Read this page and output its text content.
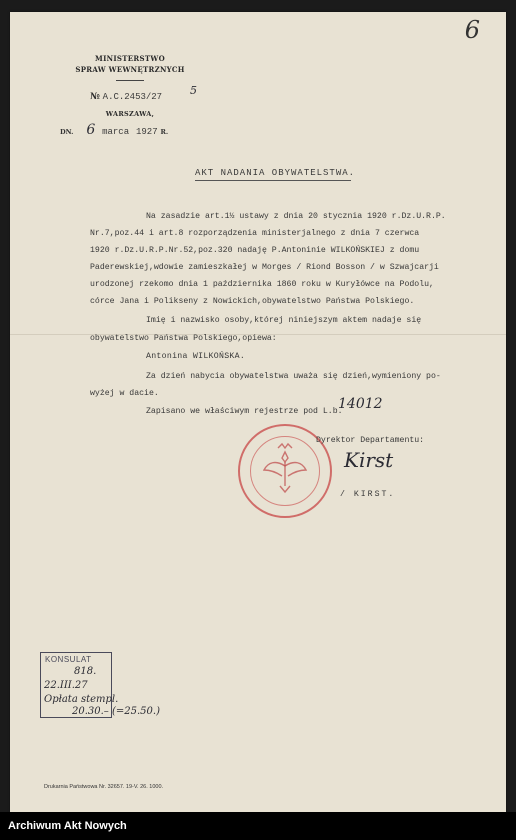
6
MINISTERSTWO
SPRAW WEWNĘTRZNYCH
№ A.C.2453/27	5
WARSZAWA,
DN. 6 marca 1927 R.
AKT NADANIA OBYWATELSTWA.
Na zasadzie art.1½ ustawy z dnia 20 stycznia 1920 r.Dz.U.R.P.
Nr.7,poz.44 i art.8 rozporządzenia ministerjalnego z dnia 7 czerwca
1920 r.Dz.U.R.P.Nr.52,poz.320 nadaję P.Antoninie WILKOŃSKIEJ z domu
Paderewskiej,wdowie zamieszkałej w Morges / Riond Bosson / w Szwajcarji
urodzonej rzekomo dnia 1 października 1860 roku w Kuryłówce na Podolu,
córce Jana i Polikseny z Nowickich,obywatelstwo Państwa Polskiego.
Imię i nazwisko osoby,której niniejszym aktem nadaje się
obywatelstwo Państwa Polskiego,opiewa:
Antonina WILKOŃSKA.
Za dzień nabycia obywatelstwa uważa się dzień,wymieniony po-
wyżej w dacie.
Zapisano we właściwym rejestrze pod L.b.
14012
Dyrektor Departamentu:
Kirst
/ KIRST.
KONSULAT
818.
22.III.27
Opłata stempl.
20.30.– (=25.50.)
Drukarnia Państwowa Nr. 32657. 19-V. 26. 1000.
Archiwum Akt Nowych
